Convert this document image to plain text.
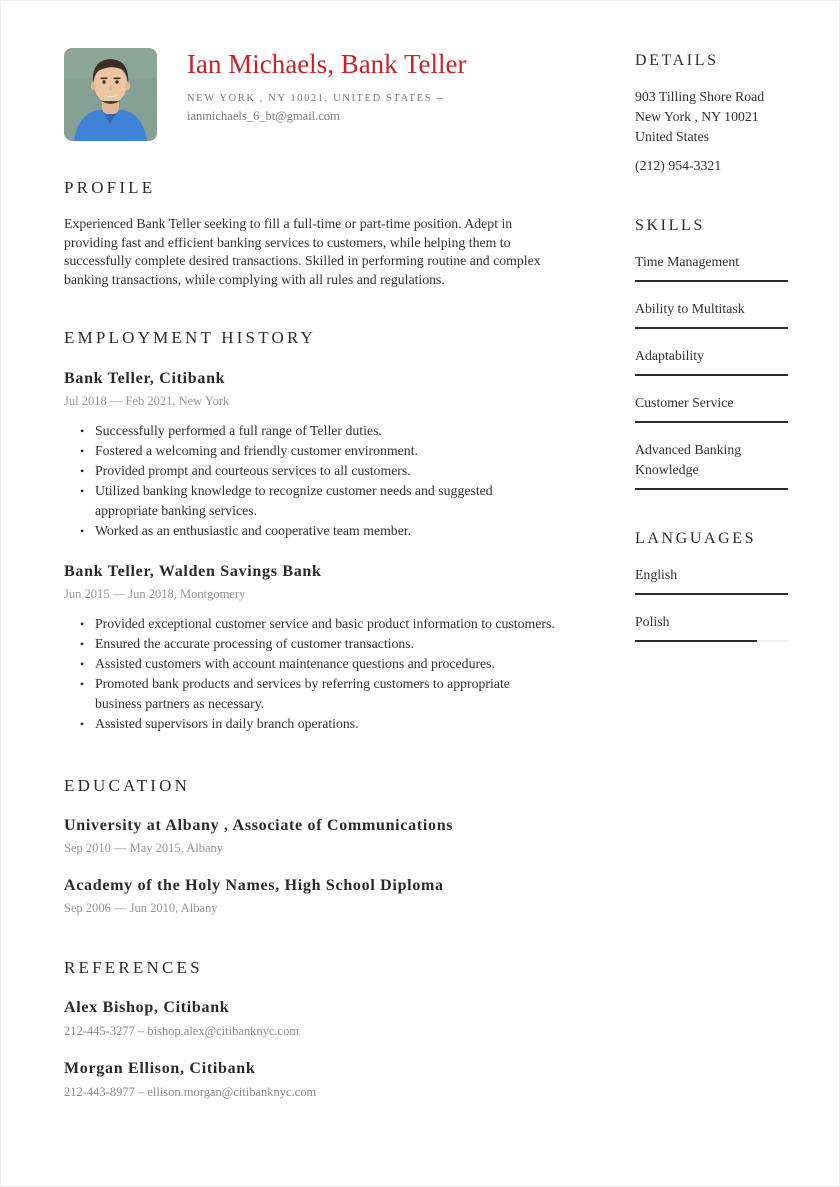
Ian Michaels, Bank Teller
NEW YORK , NY 10021, UNITED STATES --
ianmichaels_6_bt@gmail.com
PROFILE

Experienced Bank Teller seeking to fill a full-time or part-time position. Adept in providing fast and efficient banking services to customers, while helping them to successfully complete desired transactions. Skilled in performing routine and complex banking transactions, while complying with all rules and regulations.

EMPLOYMENT HISTORY
Bank Teller, Citibank
Jul 2018 — Feb 2021, New York
• Successfully performed a full range of Teller duties.
• Fostered a welcoming and friendly customer environment.
• Provided prompt and courteous services to all customers.
• Utilized banking knowledge to recognize customer needs and suggested appropriate banking services.
• Worked as an enthusiastic and cooperative team member.
Bank Teller, Walden Savings Bank
Jun 2015 — Jun 2018, Montgomery
• Provided exceptional customer service and basic product information to customers.
• Ensured the accurate processing of customer transactions.
• Assisted customers with account maintenance questions and procedures.
• Promoted bank products and services by referring customers to appropriate business partners as necessary.
• Assisted supervisors in daily branch operations.
EDUCATION
University at Albany , Associate of Communications
Sep 2010 — May 2015, Albany
Academy of the Holy Names, High School Diploma
Sep 2006 — Jun 2010, Albany
REFERENCES
Alex Bishop, Citibank
212-445-3277 – bishop.alex@citibanknyc.com
Morgan Ellison, Citibank
212-443-8977 – ellison.morgan@citibanknyc.com
DETAILS
903 Tilling Shore Road
New York , NY 10021
United States
(212) 954-3321
SKILLS
Time Management
Ability to Multitask
Adaptability
Customer Service
Advanced Banking Knowledge
LANGUAGES
English
Polish
